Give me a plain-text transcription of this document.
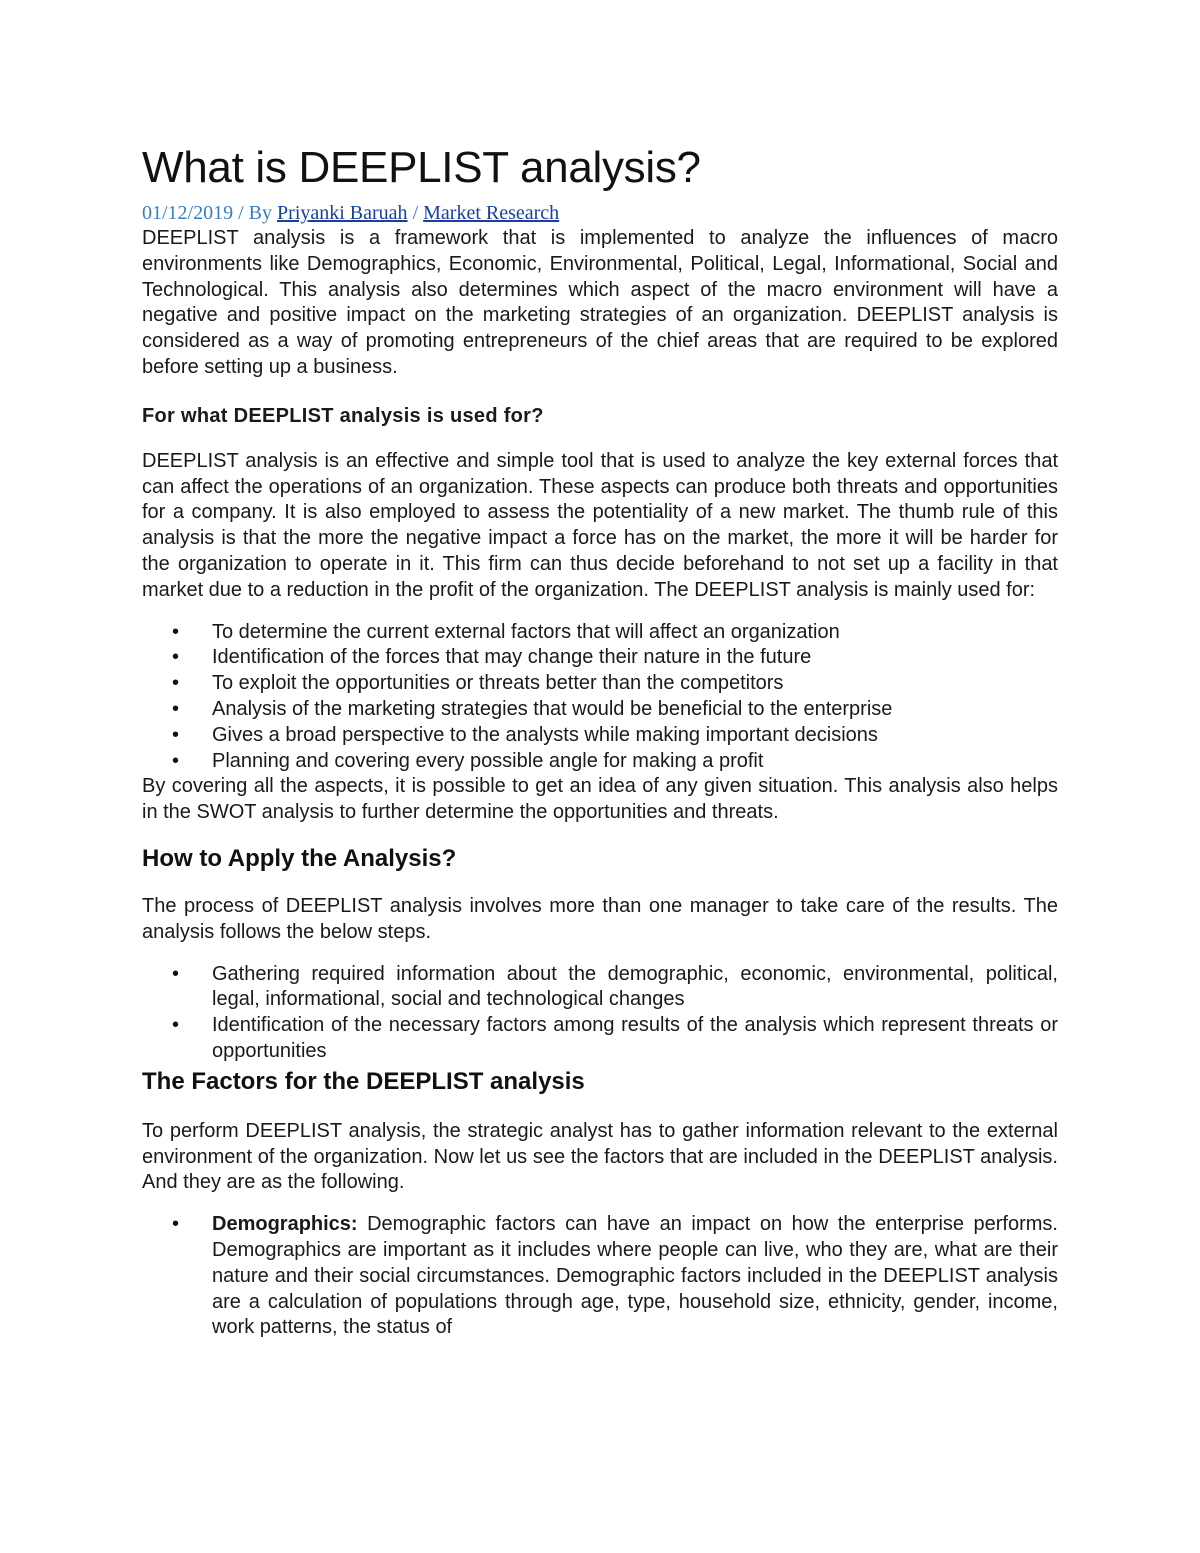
What is DEEPLIST analysis?
01/12/2019 / By Priyanki Baruah / Market Research

DEEPLIST analysis is a framework that is implemented to analyze the influences of macro environments like Demographics, Economic, Environmental, Political, Legal, Informational, Social and Technological. This analysis also determines which aspect of the macro environment will have a negative and positive impact on the marketing strategies of an organization. DEEPLIST analysis is considered as a way of promoting entrepreneurs of the chief areas that are required to be explored before setting up a business.

For what DEEPLIST analysis is used for?

DEEPLIST analysis is an effective and simple tool that is used to analyze the key external forces that can affect the operations of an organization. These aspects can produce both threats and opportunities for a company. It is also employed to assess the potentiality of a new market. The thumb rule of this analysis is that the more the negative impact a force has on the market, the more it will be harder for the organization to operate in it. This firm can thus decide beforehand to not set up a facility in that market due to a reduction in the profit of the organization. The DEEPLIST analysis is mainly used for:

• To determine the current external factors that will affect an organization
• Identification of the forces that may change their nature in the future
• To exploit the opportunities or threats better than the competitors
• Analysis of the marketing strategies that would be beneficial to the enterprise
• Gives a broad perspective to the analysts while making important decisions
• Planning and covering every possible angle for making a profit

By covering all the aspects, it is possible to get an idea of any given situation. This analysis also helps in the SWOT analysis to further determine the opportunities and threats.

How to Apply the Analysis?

The process of DEEPLIST analysis involves more than one manager to take care of the results. The analysis follows the below steps.

• Gathering required information about the demographic, economic, environmental, political, legal, informational, social and technological changes
• Identification of the necessary factors among results of the analysis which represent threats or opportunities
The Factors for the DEEPLIST analysis

To perform DEEPLIST analysis, the strategic analyst has to gather information relevant to the external environment of the organization. Now let us see the factors that are included in the DEEPLIST analysis. And they are as the following.

• Demographics: Demographic factors can have an impact on how the enterprise performs. Demographics are important as it includes where people can live, who they are, what are their nature and their social circumstances. Demographic factors included in the DEEPLIST analysis are a calculation of populations through age, type, household size, ethnicity, gender, income, work patterns, the status of
